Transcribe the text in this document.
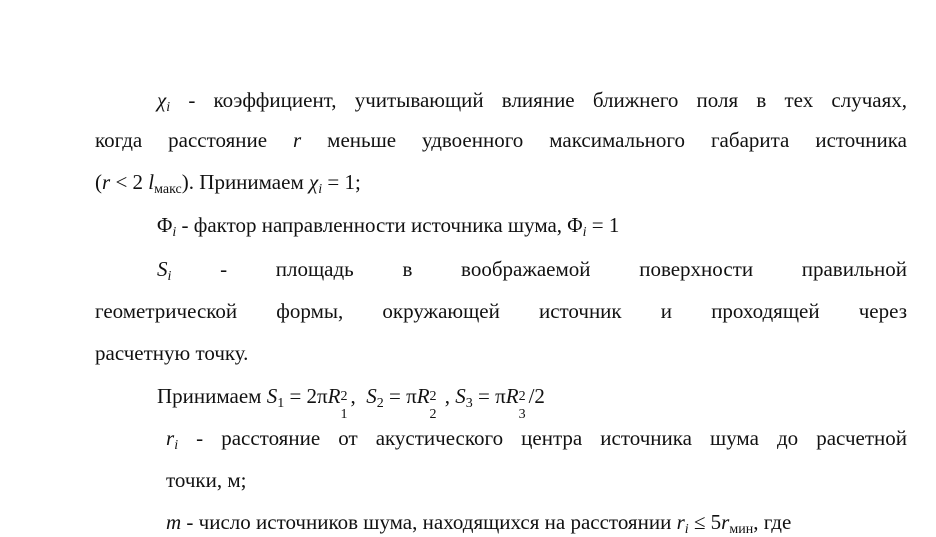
$\chi_i$ - коэффициент, учитывающий влияние ближнего поля в тех случаях,
когда расстояние r меньше удвоенного максимального габарита источника
(r < 2 lмакс). Принимаем $\chi_i = 1$;
$\Phi_i$ - фактор направленности источника шума, $\Phi_i = 1$
$S_i$ - площадь в воображаемой поверхности правильной
геометрической формы, окружающей источник и проходящей через
расчетную точку.
Принимаем $S_1 = 2\pi R$ 2
1
,  $S_2 = \pi R$ 2
2
, $S_3 = \pi R$ 2
3
/2
$r_i$ - расстояние от акустического центра источника шума до расчетной
точки, м;
m - число источников шума, находящихся на расстоянии $r_i \le 5r_{мин}$, где
